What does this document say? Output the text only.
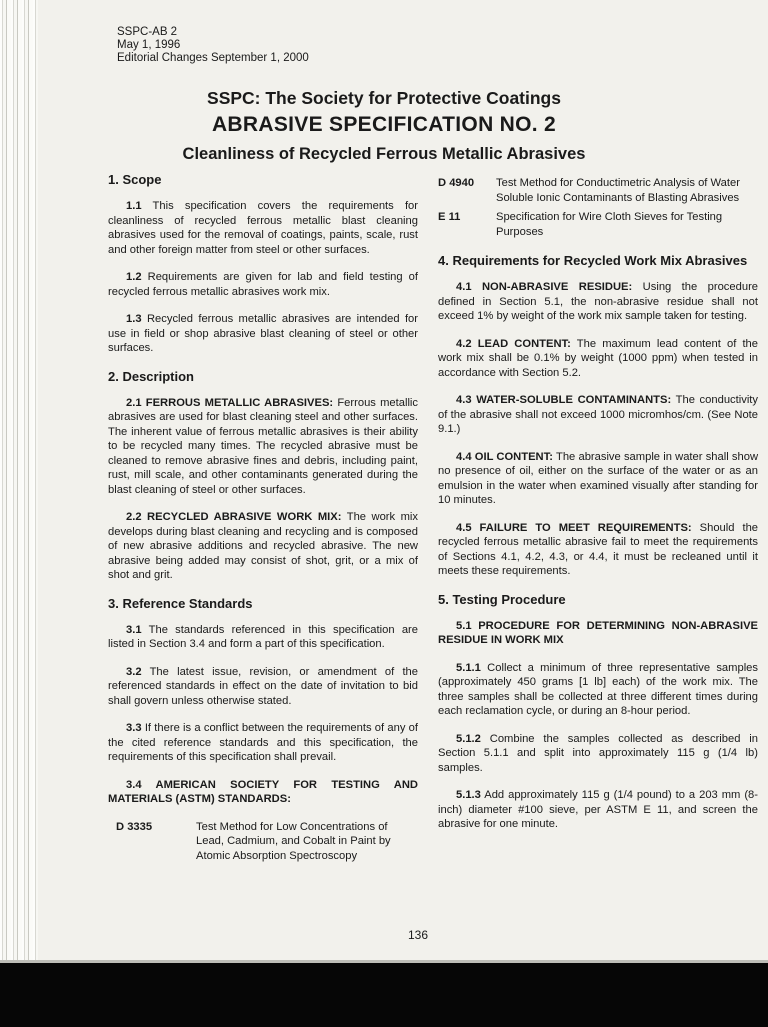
SSPC-AB 2
May 1, 1996
Editorial Changes September 1, 2000
SSPC: The Society for Protective Coatings
ABRASIVE SPECIFICATION NO. 2
Cleanliness of Recycled Ferrous Metallic Abrasives
1. Scope

1.1 This specification covers the requirements for cleanliness of recycled ferrous metallic blast cleaning abrasives used for the removal of coatings, paints, scale, rust and other foreign matter from steel or other surfaces.

1.2 Requirements are given for lab and field testing of recycled ferrous metallic abrasives work mix.

1.3 Recycled ferrous metallic abrasives are intended for use in field or shop abrasive blast cleaning of steel or other surfaces.

2. Description

2.1 FERROUS METALLIC ABRASIVES: Ferrous metallic abrasives are used for blast cleaning steel and other surfaces. The inherent value of ferrous metallic abrasives is their ability to be recycled many times. The recycled abrasive must be cleaned to remove abrasive fines and debris, including paint, rust, mill scale, and other contaminants generated during the blast cleaning of steel or other surfaces.

2.2 RECYCLED ABRASIVE WORK MIX: The work mix develops during blast cleaning and recycling and is composed of new abrasive additions and recycled abrasive. The new abrasive being added may consist of shot, grit, or a mix of shot and grit.

3. Reference Standards

3.1 The standards referenced in this specification are listed in Section 3.4 and form a part of this specification.

3.2 The latest issue, revision, or amendment of the referenced standards in effect on the date of invitation to bid shall govern unless otherwise stated.

3.3 If there is a conflict between the requirements of any of the cited reference standards and this specification, the requirements of this specification shall prevail.

3.4 AMERICAN SOCIETY FOR TESTING AND MATERIALS (ASTM) STANDARDS:
D 3335	Test Method for Low Concentrations of Lead, Cadmium, and Cobalt in Paint by Atomic Absorption Spectroscopy
D 4940	Test Method for Conductimetric Analysis of Water Soluble Ionic Contaminants of Blasting Abrasives
E 11	Specification for Wire Cloth Sieves for Testing Purposes
4. Requirements for Recycled Work Mix Abrasives

4.1 NON-ABRASIVE RESIDUE: Using the procedure defined in Section 5.1, the non-abrasive residue shall not exceed 1% by weight of the work mix sample taken for testing.

4.2 LEAD CONTENT: The maximum lead content of the work mix shall be 0.1% by weight (1000 ppm) when tested in accordance with Section 5.2.

4.3 WATER-SOLUBLE CONTAMINANTS: The conductivity of the abrasive shall not exceed 1000 micromhos/cm. (See Note 9.1.)

4.4 OIL CONTENT: The abrasive sample in water shall show no presence of oil, either on the surface of the water or as an emulsion in the water when examined visually after standing for 10 minutes.

4.5 FAILURE TO MEET REQUIREMENTS: Should the recycled ferrous metallic abrasive fail to meet the requirements of Sections 4.1, 4.2, 4.3, or 4.4, it must be recleaned until it meets these requirements.

5. Testing Procedure
5.1 PROCEDURE FOR DETERMINING NON-ABRASIVE RESIDUE IN WORK MIX

5.1.1 Collect a minimum of three representative samples (approximately 450 grams [1 lb] each) of the work mix. The three samples shall be collected at three different times during each reclamation cycle, or during an 8-hour period.

5.1.2 Combine the samples collected as described in Section 5.1.1 and split into approximately 115 g (1/4 lb) samples.

5.1.3 Add approximately 115 g (1/4 pound) to a 203 mm (8-inch) diameter #100 sieve, per ASTM E 11, and screen the abrasive for one minute.

136
